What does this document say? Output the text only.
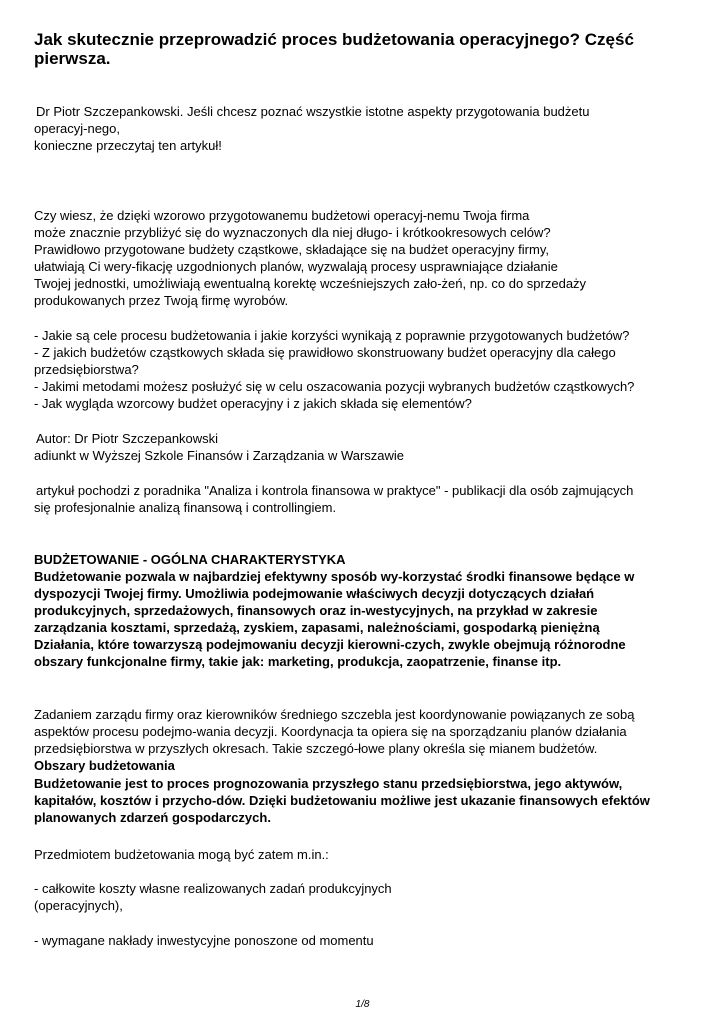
Jak skutecznie przeprowadzić proces budżetowania operacyjnego? Część pierwsza.

Dr Piotr Szczepankowski. Jeśli chcesz poznać wszystkie istotne aspekty przygotowania budżetu

operacyj-nego,

konieczne przeczytaj ten artykuł!

Czy wiesz, że dzięki wzorowo przygotowanemu budżetowi operacyj-nemu Twoja firma

może znacznie przybliżyć się do wyznaczonych dla niej długo- i krótkookresowych celów?

Prawidłowo przygotowane budżety cząstkowe, składające się na budżet operacyjny firmy,

ułatwiają Ci wery-fikację uzgodnionych planów, wyzwalają procesy usprawniające działanie

Twojej jednostki, umożliwiają ewentualną korektę wcześniejszych zało-żeń, np. co do sprzedaży

produkowanych przez Twoją firmę wyrobów.

- Jakie są cele procesu budżetowania i jakie korzyści wynikają z poprawnie przygotowanych budżetów?

- Z jakich budżetów cząstkowych składa się prawidłowo skonstruowany budżet operacyjny dla całego

przedsiębiorstwa?

- Jakimi metodami możesz posłużyć się w celu oszacowania pozycji wybranych budżetów cząstkowych?

- Jak wygląda wzorcowy budżet operacyjny i z jakich składa się elementów?

Autor: Dr Piotr Szczepankowski

adiunkt w Wyższej Szkole Finansów i Zarządzania w Warszawie

artykuł pochodzi z poradnika "Analiza i kontrola finansowa w praktyce" - publikacji dla osób zajmujących

się profesjonalnie analizą finansową i controllingiem.

BUDŻETOWANIE - OGÓLNA CHARAKTERYSTYKA

Budżetowanie pozwala w najbardziej efektywny sposób wy-korzystać środki finansowe będące w

dyspozycji Twojej firmy. Umożliwia podejmowanie właściwych decyzji dotyczących działań

produkcyjnych, sprzedażowych, finansowych oraz in-westycyjnych, na przykład w zakresie

zarządzania kosztami, sprzedażą, zyskiem, zapasami, należnościami, gospodarką pieniężną

Działania, które towarzyszą podejmowaniu decyzji kierowni-czych, zwykle obejmują różnorodne

obszary funkcjonalne firmy, takie jak: marketing, produkcja, zaopatrzenie, finanse itp.

Zadaniem zarządu firmy oraz kierowników średniego szczebla jest koordynowanie powiązanych ze sobą

aspektów procesu podejmo-wania decyzji. Koordynacja ta opiera się na sporządzaniu planów działania

przedsiębiorstwa w przyszłych okresach. Takie szczegó-łowe plany określa się mianem budżetów.

Obszary budżetowania

Budżetowanie jest to proces prognozowania przyszłego stanu przedsiębiorstwa, jego aktywów,

kapitałów, kosztów i przycho-dów. Dzięki budżetowaniu możliwe jest ukazanie finansowych efektów

planowanych zdarzeń gospodarczych.

Przedmiotem budżetowania mogą być zatem m.in.:

- całkowite koszty własne realizowanych zadań produkcyjnych

(operacyjnych),

- wymagane nakłady inwestycyjne ponoszone od momentu

1/8
